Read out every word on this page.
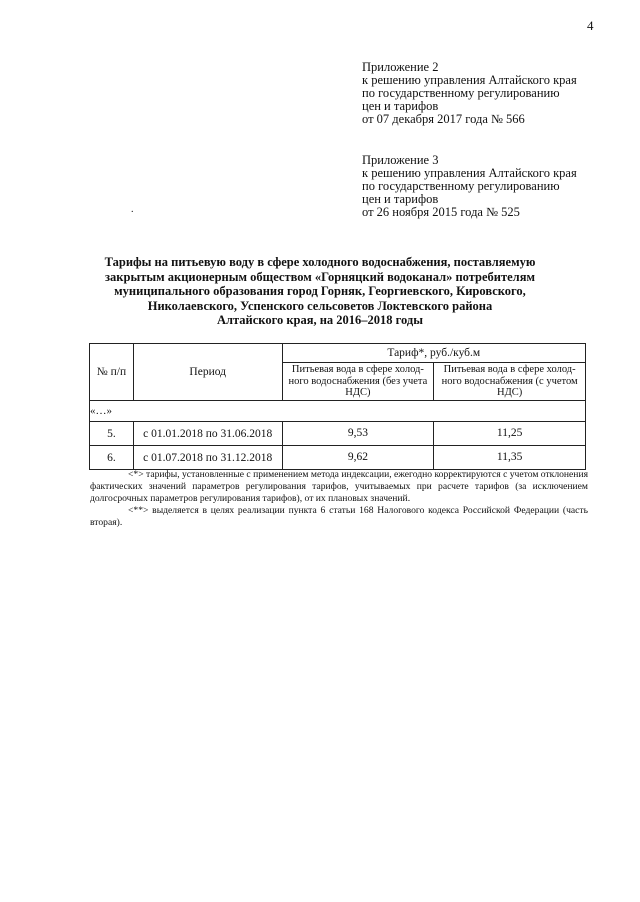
4
Приложение 2
к решению управления Алтайского края
по государственному регулированию
цен и тарифов
от 07 декабря 2017 года № 566
Приложение 3
к решению управления Алтайского края
по государственному регулированию
цен и тарифов
от 26 ноября 2015 года № 525
.
Тарифы на питьевую воду в сфере холодного водоснабжения, поставляемую
закрытым акционерным обществом «Горняцкий водоканал» потребителям
муниципального образования город Горняк, Георгиевского, Кировского,
Николаевского, Успенского сельсоветов Локтевского района
Алтайского края, на 2016–2018 годы
№ п/п	Период	Тариф*, руб./куб.м	
		Питьевая вода в сфере холод-ного водоснабжения (без учета НДС)	Питьевая вода в сфере холод-ного водоснабжения (с учетом НДС)
«…»			
5.	с 01.01.2018 по 31.06.2018	9,53	11,25
6.	с 01.07.2018 по 31.12.2018	9,62	11,35

<*> тарифы, установленные с применением метода индексации, ежегодно корректируются с учетом отклонения фактических значений параметров регулирования тарифов, учитываемых при расчете тарифов (за исключением долгосрочных параметров регулирования тарифов), от их плановых значений.

<**> выделяется в целях реализации пункта 6 статьи 168 Налогового кодекса Российской Федерации (часть вторая).
